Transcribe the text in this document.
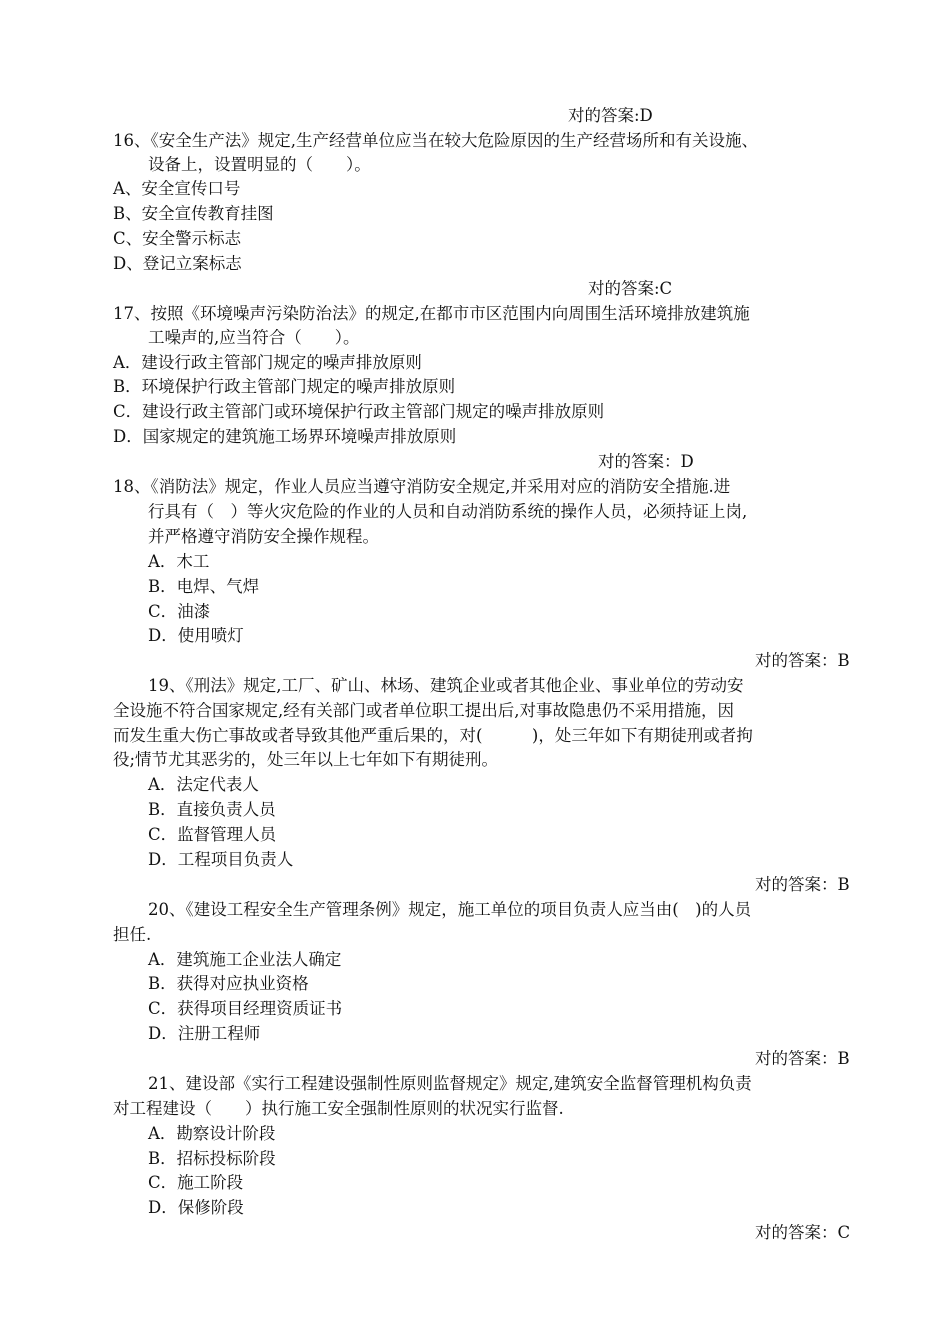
对的答案:D
16、《安全生产法》规定,生产经营单位应当在较大危险原因的生产经营场所和有关设施、
设备上，设置明显的（　　）。
A、安全宣传口号
B、安全宣传教育挂图
C、安全警示标志
D、登记立案标志
对的答案:C
17、按照《环境噪声污染防治法》的规定,在都市市区范围内向周围生活环境排放建筑施
工噪声的,应当符合（　　）。
A．建设行政主管部门规定的噪声排放原则
B．环境保护行政主管部门规定的噪声排放原则
C．建设行政主管部门或环境保护行政主管部门规定的噪声排放原则
D．国家规定的建筑施工场界环境噪声排放原则
对的答案：D
18、《消防法》规定，作业人员应当遵守消防安全规定,并采用对应的消防安全措施.进
行具有（　）等火灾危险的作业的人员和自动消防系统的操作人员，必须持证上岗,
并严格遵守消防安全操作规程。
A．木工
B．电焊、气焊
C．油漆
D．使用喷灯
对的答案：B
19、《刑法》规定,工厂、矿山、林场、建筑企业或者其他企业、事业单位的劳动安
全设施不符合国家规定,经有关部门或者单位职工提出后,对事故隐患仍不采用措施，因
而发生重大伤亡事故或者导致其他严重后果的，对(　　　)，处三年如下有期徒刑或者拘
役;情节尤其恶劣的，处三年以上七年如下有期徒刑。
A．法定代表人
B．直接负责人员
C．监督管理人员
D．工程项目负责人
对的答案：B
20、《建设工程安全生产管理条例》规定，施工单位的项目负责人应当由(　)的人员
担任.
A．建筑施工企业法人确定
B．获得对应执业资格
C．获得项目经理资质证书
D．注册工程师
对的答案：B
21、建设部《实行工程建设强制性原则监督规定》规定,建筑安全监督管理机构负责
对工程建设（　　）执行施工安全强制性原则的状况实行监督.
A．勘察设计阶段
B．招标投标阶段
C．施工阶段
D．保修阶段
对的答案：C
